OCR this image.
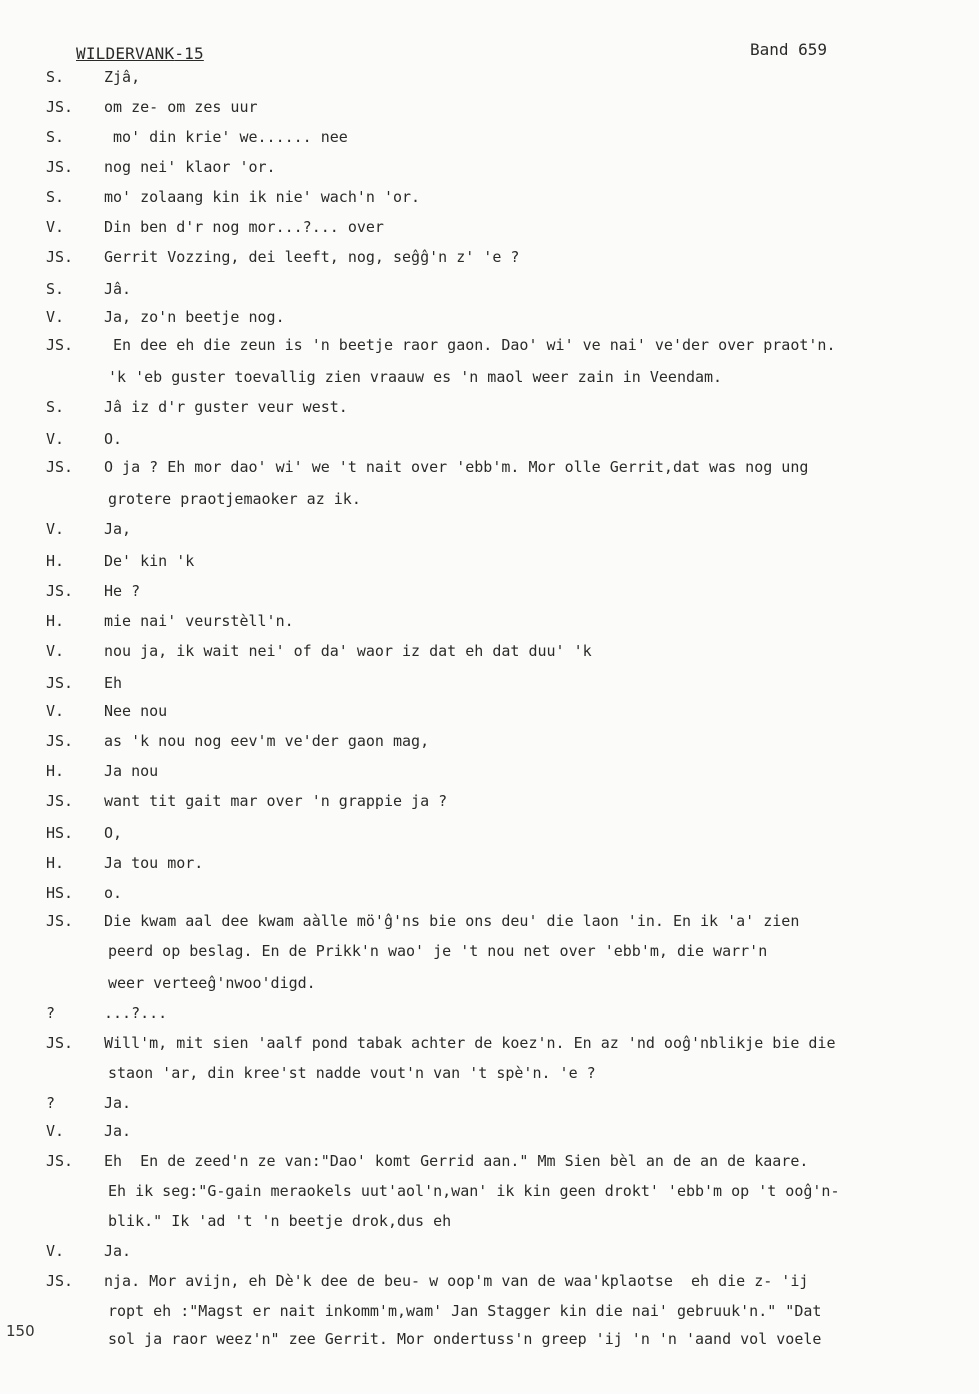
WILDERVANK-15	Band 659
150
S.	Zjâ,
JS. om ze- om zes uur
S.	mo' din krie' we...... nee
JS. nog nei' klaor 'or.
S.	mo' zolaang kin ik nie' wach'n 'or.
V.	Din ben d'r nog mor...?... over
JS. Gerrit Vozzing, dei leeft, nog, seĝĝ'n z' 'e ?
S.	Jâ.
V.	Ja, zo'n beetje nog.
JS. En dee eh die zeun is 'n beetje raor gaon. Dao' wi' ve nai' ve'der over praot'n.
'k 'eb guster toevallig zien vraauw es 'n maol weer zain in Veendam.
S.	Jâ iz d'r guster veur west.
V.	O.
JS. O ja ? Eh mor dao' wi' we 't nait over 'ebb'm. Mor olle Gerrit,dat was nog ung
grotere praotjemaoker az ik.
V.	Ja,
H.	De' kin 'k
JS. He ?
H.	mie nai' veurstèll'n.
V.	nou ja, ik wait nei' of da' waor iz dat eh dat duu' 'k
JS. Eh
V.	Nee nou
JS. as 'k nou nog eev'm ve'der gaon mag,
H.	Ja nou
JS. want tit gait mar over 'n grappie ja ?
HS. O,
H.	Ja tou mor.
HS. o.
JS. Die kwam aal dee kwam aàlle mö'ĝ'ns bie ons deu' die laon 'in. En ik 'a' zien
peerd op beslag. En de Prikk'n wao' je 't nou net over 'ebb'm, die warr'n
weer verteeĝ'nwoo'digd.
?	...?...
JS. Will'm, mit sien 'aalf pond tabak achter de koez'n. En az 'nd ooĝ'nblikje bie die
staon 'ar, din kree'st nadde vout'n van 't spè'n. 'e ?
?	Ja.
V.	Ja.
JS. Eh  En de zeed'n ze van:"Dao' komt Gerrid aan." Mm Sien bèl an de an de kaare.
Eh ik seg:"G-gain meraokels uut'aol'n,wan' ik kin geen drokt' 'ebb'm op 't ooĝ'n-
blik." Ik 'ad 't 'n beetje drok,dus eh
V.	Ja.
JS. nja. Mor avijn, eh Dè'k dee de beu- w oop'm van de waa'kplaotse  eh die z- 'ij
ropt eh :"Magst er nait inkomm'm,wam' Jan Stagger kin die nai' gebruuk'n." "Dat
sol ja raor weez'n" zee Gerrit. Mor ondertuss'n greep 'ij 'n 'n 'aand vol voele
